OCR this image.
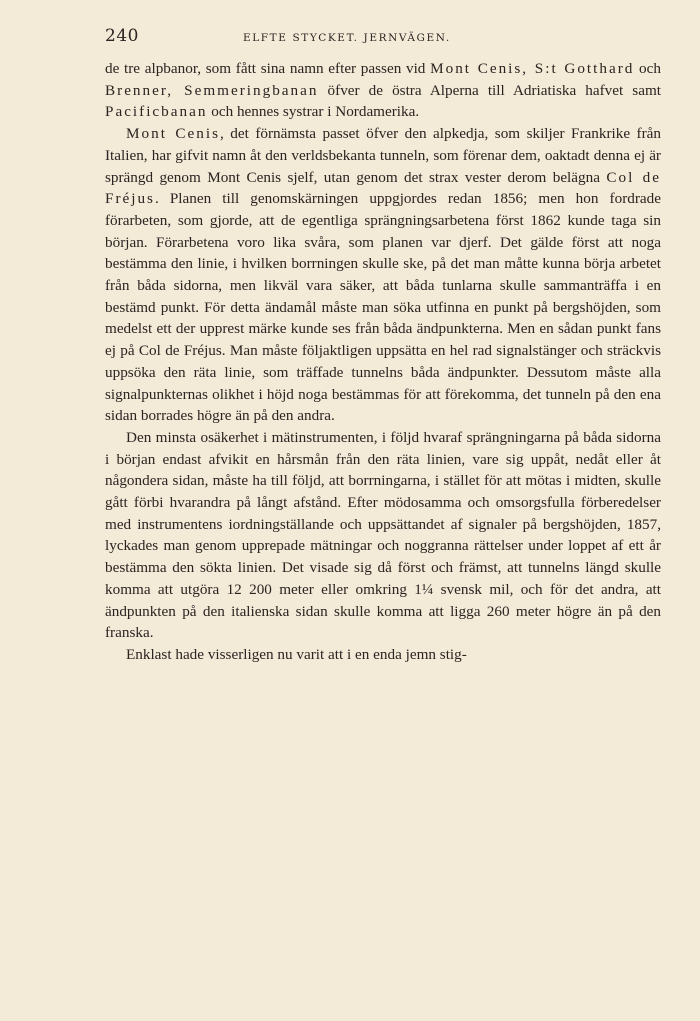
240	ELFTE STYCKET. JERNVÄGEN.

de tre alpbanor, som fått sina namn efter passen vid Mont Cenis, S:t Gotthard och Brenner, Semmeringbanan öfver de östra Alperna till Adriatiska hafvet samt Pacificbanan och hennes systrar i Nordamerika.

Mont Cenis, det förnämsta passet öfver den alpkedja, som skiljer Frankrike från Italien, har gifvit namn åt den verldsbekanta tunneln, som förenar dem, oaktadt denna ej är sprängd genom Mont Cenis sjelf, utan genom det strax vester derom belägna Col de Fréjus. Planen till genomskärningen uppgjordes redan 1856; men hon fordrade förarbeten, som gjorde, att de egentliga sprängningsarbetena först 1862 kunde taga sin början. Förarbetena voro lika svåra, som planen var djerf. Det gälde först att noga bestämma den linie, i hvilken borrningen skulle ske, på det man måtte kunna börja arbetet från båda sidorna, men likväl vara säker, att båda tunlarna skulle sammanträffa i en bestämd punkt. För detta ändamål måste man söka utfinna en punkt på bergshöjden, som medelst ett der upprest märke kunde ses från båda ändpunkterna. Men en sådan punkt fans ej på Col de Fréjus. Man måste följaktligen uppsätta en hel rad signalstänger och sträckvis uppsöka den räta linie, som träffade tunnelns båda ändpunkter. Dessutom måste alla signalpunkternas olikhet i höjd noga bestämmas för att förekomma, det tunneln på den ena sidan borrades högre än på den andra.

Den minsta osäkerhet i mätinstrumenten, i följd hvaraf sprängningarna på båda sidorna i början endast afvikit en hårsmån från den räta linien, vare sig uppåt, nedåt eller åt någondera sidan, måste ha till följd, att borrningarna, i stället för att mötas i midten, skulle gått förbi hvarandra på långt afstånd. Efter mödosamma och omsorgsfulla förberedelser med instrumentens iordningställande och uppsättandet af signaler på bergshöjden, 1857, lyckades man genom upprepade mätningar och noggranna rättelser under loppet af ett år bestämma den sökta linien. Det visade sig då först och främst, att tunnelns längd skulle komma att utgöra 12 200 meter eller omkring 1¼ svensk mil, och för det andra, att ändpunkten på den italienska sidan skulle komma att ligga 260 meter högre än på den franska.

Enklast hade visserligen nu varit att i en enda jemn stig-
